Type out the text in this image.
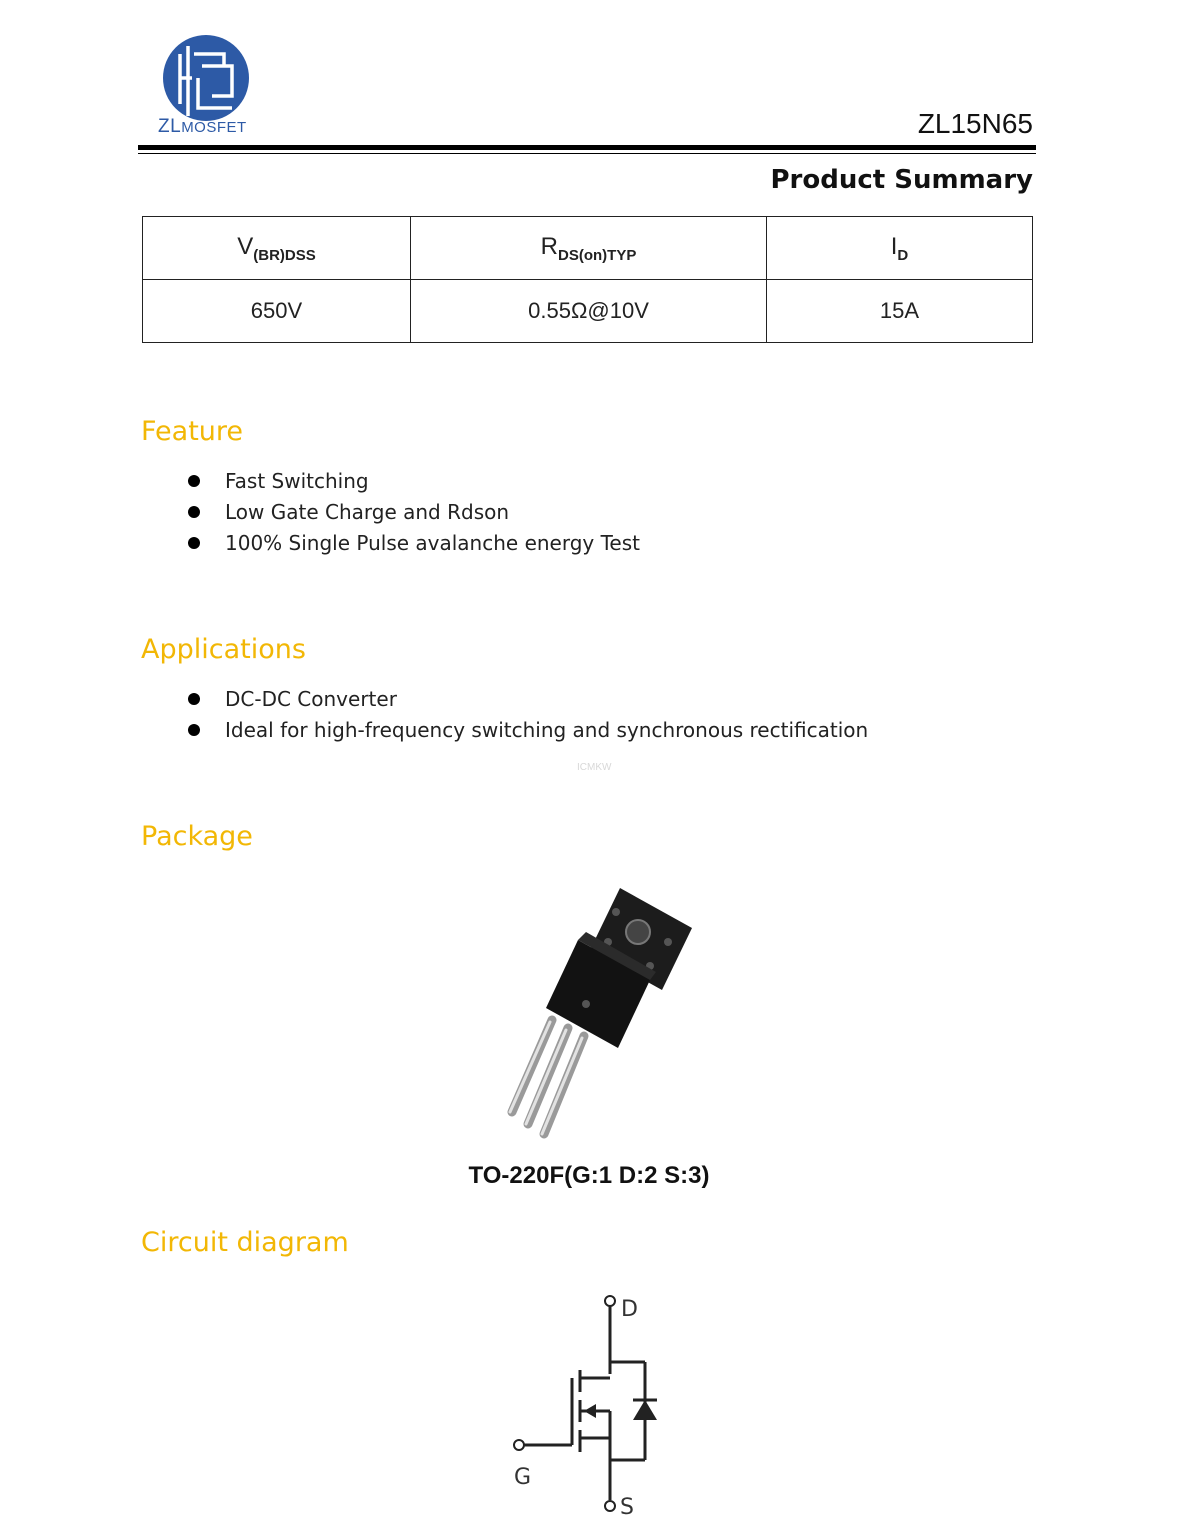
ZLMOSFET	ZL15N65
Product Summary
$V_{(BR)DSS}$	$R_{DS(on)TYP}$	$I_D$
650V	0.55Ω@10V	15A
Feature
Fast Switching
Low Gate Charge and Rdson
100% Single Pulse avalanche energy Test
Applications
DC-DC Converter
Ideal for high-frequency switching and synchronous rectification
ICMKW
Package
TO-220F(G:1 D:2 S:3)
Circuit diagram
D
G
S
